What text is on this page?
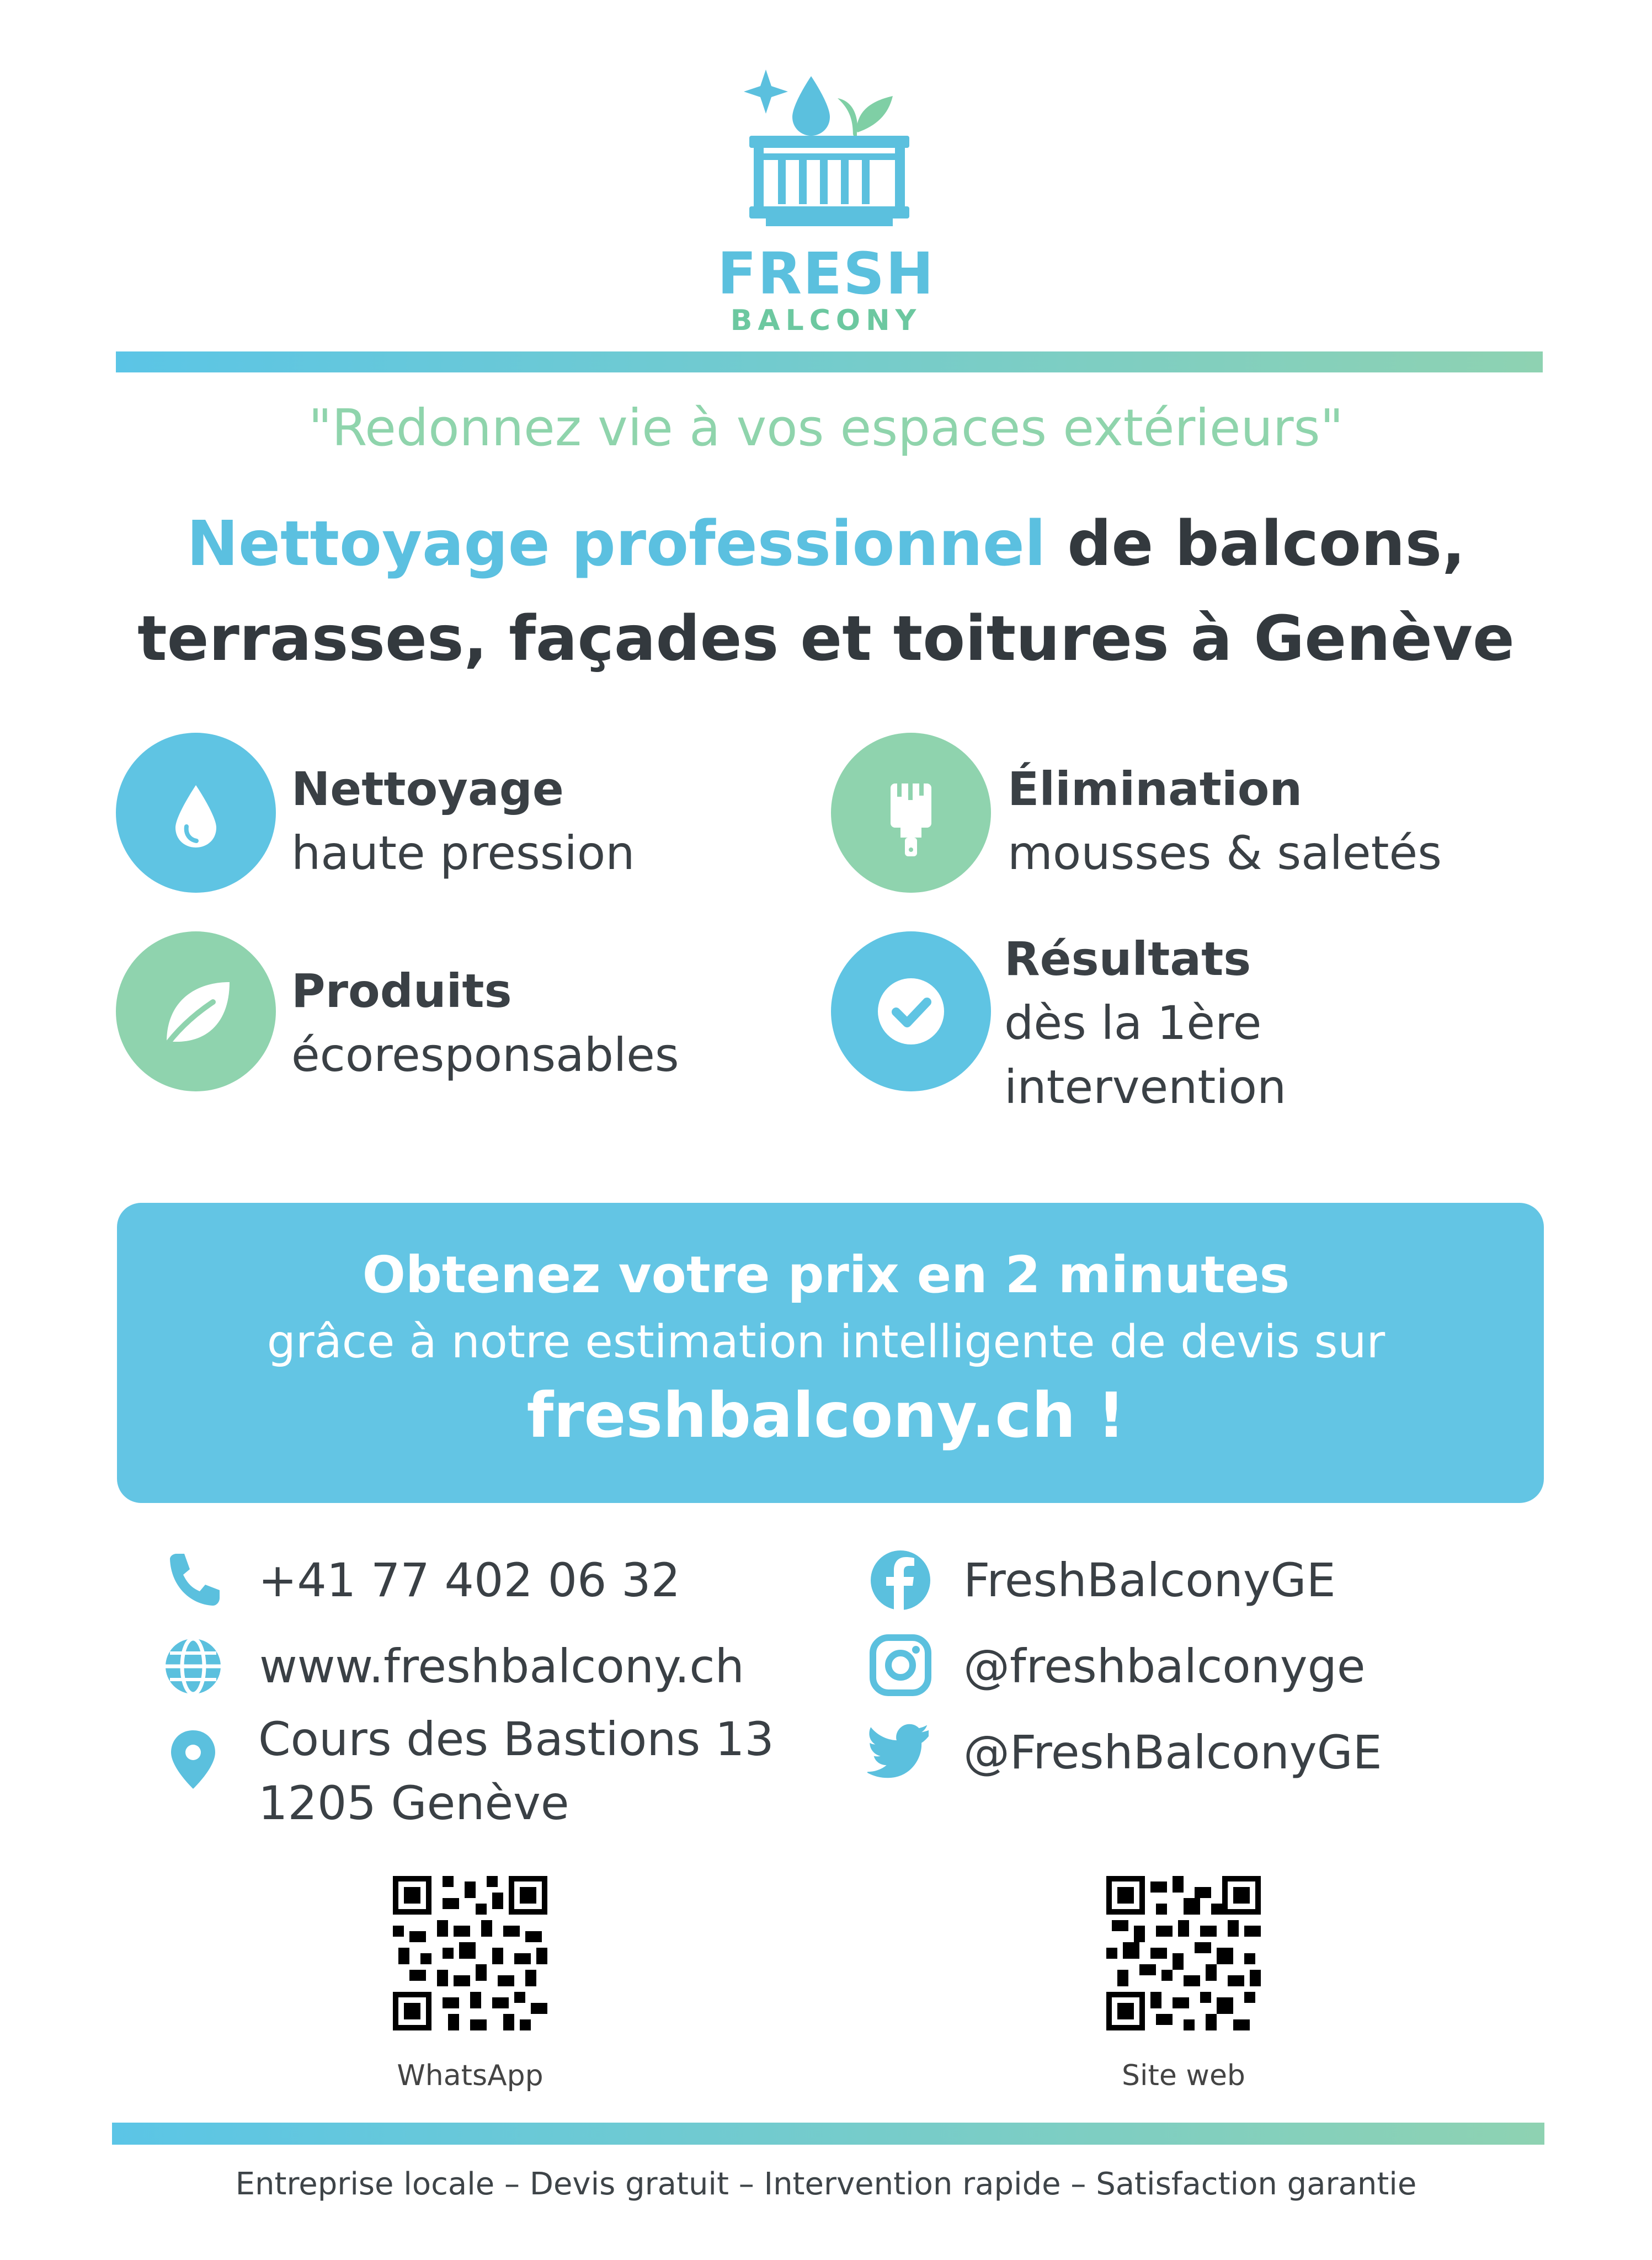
FRESH
BALCONY
"Redonnez vie à vos espaces extérieurs"
Nettoyage professionnel de balcons,
terrasses, façades et toitures à Genève
Nettoyage
haute pression
Élimination
mousses & saletés
Produits
écoresponsables
Résultats
dès la 1ère
intervention
Obtenez votre prix en 2 minutes
grâce à notre estimation intelligente de devis sur
freshbalcony.ch !
+41 77 402 06 32
www.freshbalcony.ch
Cours des Bastions 13
1205 Genève
FreshBalconyGE
@freshbalconyge
@FreshBalconyGE
WhatsApp	Site web
Entreprise locale – Devis gratuit – Intervention rapide – Satisfaction garantie
